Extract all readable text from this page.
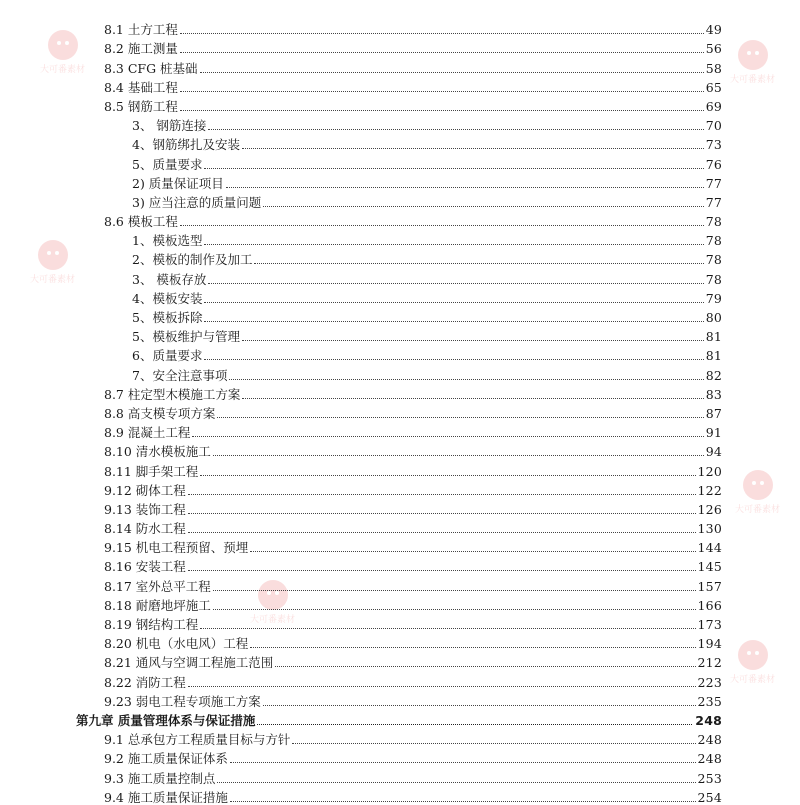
大可番素材
大可番素材
大可番素材
大可番素材
大可番素材
大可番素材
8.1 土方工程	49
8.2 施工测量	56
8.3 CFG 桩基础	58
8.4 基础工程	65
8.5 钢筋工程	69
3、 钢筋连接	70
4、钢筋绑扎及安装	73
5、质量要求	76
2) 质量保证项目	77
3) 应当注意的质量问题	77
8.6 模板工程	78
1、模板选型	78
2、模板的制作及加工	78
3、 模板存放	78
4、模板安装	79
5、模板拆除	80
5、模板维护与管理	81
6、质量要求	81
7、安全注意事项	82
8.7 柱定型木模施工方案	83
8.8 高支模专项方案	87
8.9 混凝土工程	91
8.10 清水模板施工	94
8.11 脚手架工程	120
9.12 砌体工程	122
9.13 装饰工程	126
8.14 防水工程	130
9.15 机电工程预留、预埋	144
8.16 安装工程	145
8.17 室外总平工程	157
8.18 耐磨地坪施工	166
8.19 钢结构工程	173
8.20 机电（水电风）工程	194
8.21 通风与空调工程施工范围	212
8.22 消防工程	223
9.23 弱电工程专项施工方案	235
第九章 质量管理体系与保证措施	248
9.1 总承包方工程质量目标与方针	248
9.2 施工质量保证体系	248
9.3 施工质量控制点	253
9.4 施工质量保证措施	254
